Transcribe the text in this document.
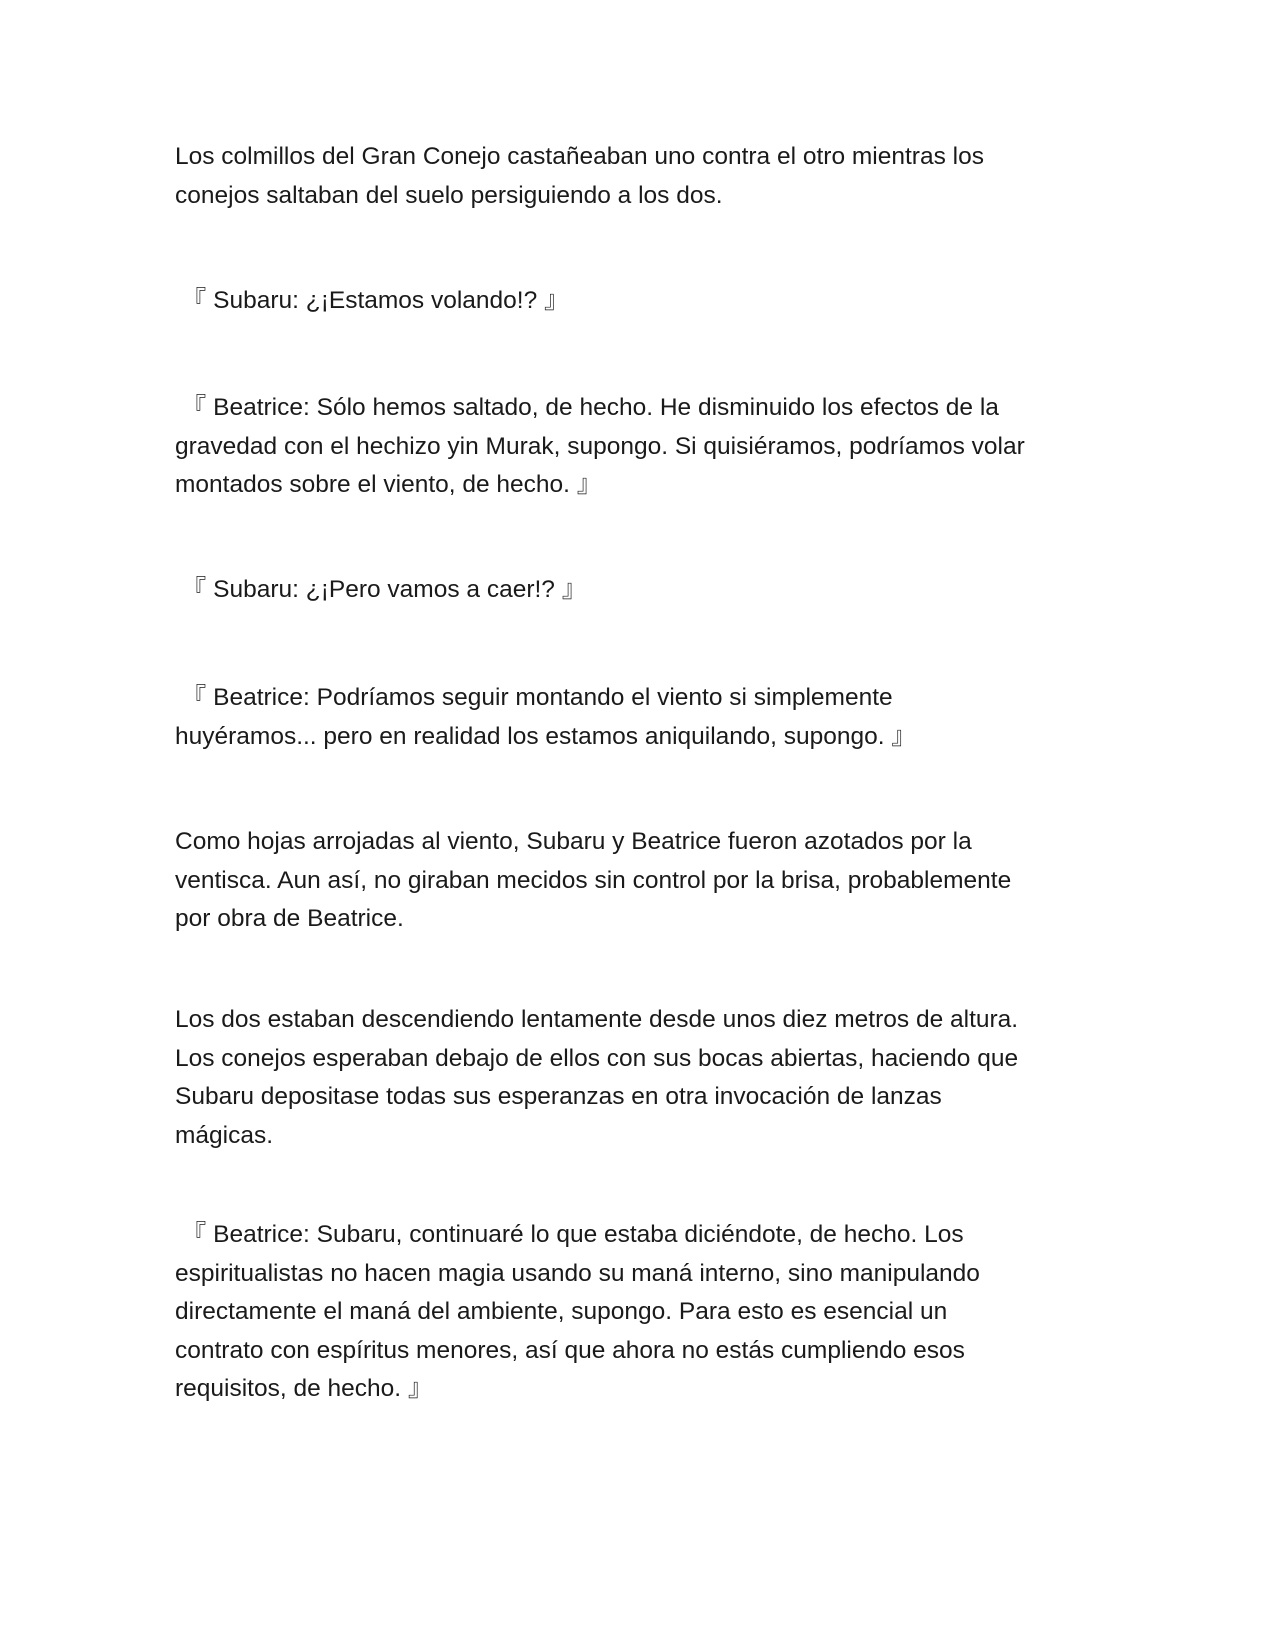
Los colmillos del Gran Conejo castañeaban uno contra el otro mientras los
conejos saltaban del suelo persiguiendo a los dos.

『 Subaru: ¿¡Estamos volando!? 』

『 Beatrice: Sólo hemos saltado, de hecho. He disminuido los efectos de la
gravedad con el hechizo yin Murak, supongo. Si quisiéramos, podríamos volar
montados sobre el viento, de hecho. 』

『 Subaru: ¿¡Pero vamos a caer!? 』

『 Beatrice: Podríamos seguir montando el viento si simplemente
huyéramos... pero en realidad los estamos aniquilando, supongo. 』

Como hojas arrojadas al viento, Subaru y Beatrice fueron azotados por la
ventisca. Aun así, no giraban mecidos sin control por la brisa, probablemente
por obra de Beatrice.

Los dos estaban descendiendo lentamente desde unos diez metros de altura.
Los conejos esperaban debajo de ellos con sus bocas abiertas, haciendo que
Subaru depositase todas sus esperanzas en otra invocación de lanzas
mágicas.

『 Beatrice: Subaru, continuaré lo que estaba diciéndote, de hecho. Los
espiritualistas no hacen magia usando su maná interno, sino manipulando
directamente el maná del ambiente, supongo. Para esto es esencial un
contrato con espíritus menores, así que ahora no estás cumpliendo esos
requisitos, de hecho. 』
